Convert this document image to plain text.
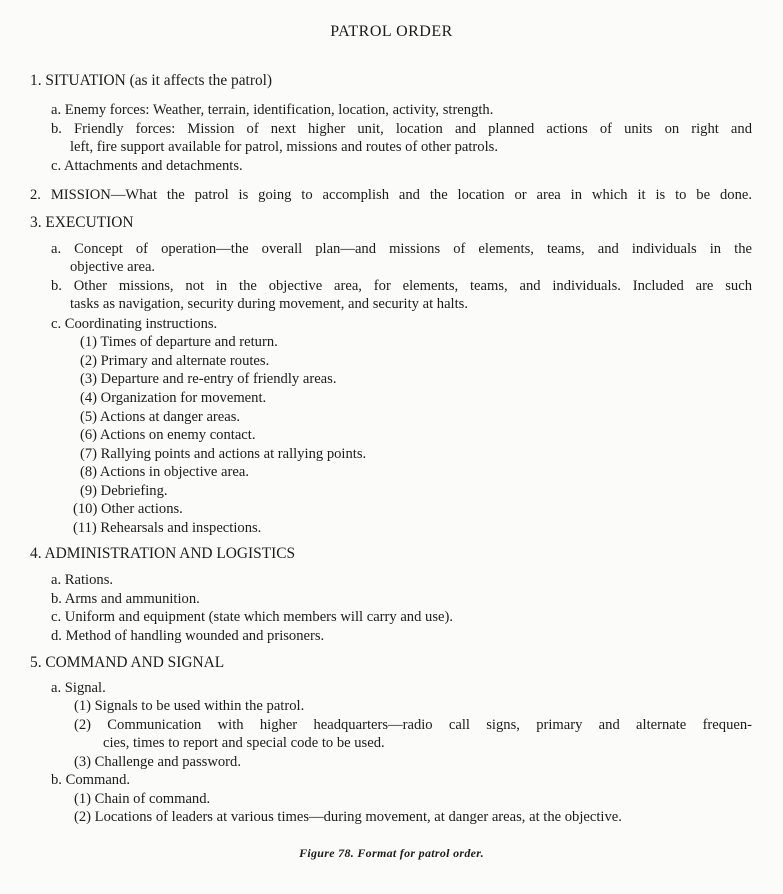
PATROL ORDER
1. SITUATION (as it affects the patrol)
a. Enemy forces: Weather, terrain, identification, location, activity, strength.
b. Friendly forces: Mission of next higher unit, location and planned actions of units on right and
left, fire support available for patrol, missions and routes of other patrols.
c. Attachments and detachments.
2. MISSION—What the patrol is going to accomplish and the location or area in which it is to be done.
3. EXECUTION
a. Concept of operation—the overall plan—and missions of elements, teams, and individuals in the
objective area.
b. Other missions, not in the objective area, for elements, teams, and individuals. Included are such
tasks as navigation, security during movement, and security at halts.
c. Coordinating instructions.
(1) Times of departure and return.
(2) Primary and alternate routes.
(3) Departure and re-entry of friendly areas.
(4) Organization for movement.
(5) Actions at danger areas.
(6) Actions on enemy contact.
(7) Rallying points and actions at rallying points.
(8) Actions in objective area.
(9) Debriefing.
(10) Other actions.
(11) Rehearsals and inspections.
4. ADMINISTRATION AND LOGISTICS
a. Rations.
b. Arms and ammunition.
c. Uniform and equipment (state which members will carry and use).
d. Method of handling wounded and prisoners.
5. COMMAND AND SIGNAL
a. Signal.
(1) Signals to be used within the patrol.
(2) Communication with higher headquarters—radio call signs, primary and alternate frequen-
cies, times to report and special code to be used.
(3) Challenge and password.
b. Command.
(1) Chain of command.
(2) Locations of leaders at various times—during movement, at danger areas, at the objective.
Figure 78. Format for patrol order.
